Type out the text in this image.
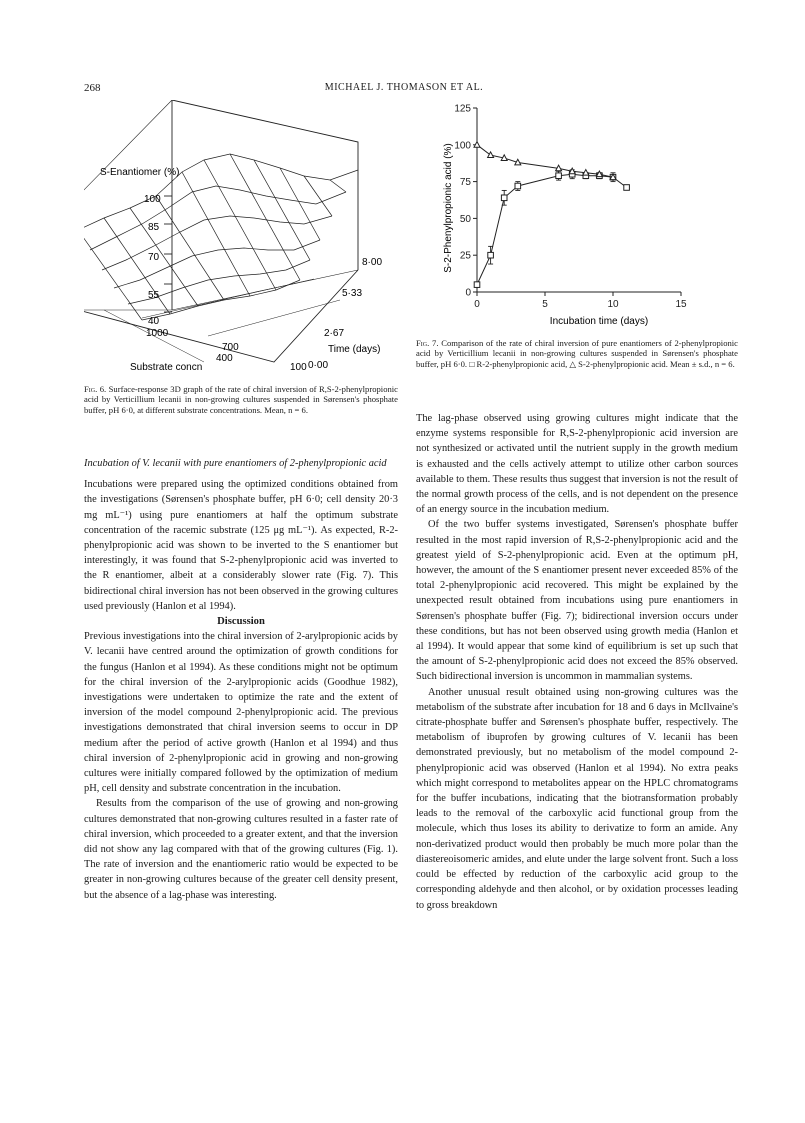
268	MICHAEL J. THOMASON ET AL.
S-Enantiomer (%)
100
85
70
55
40
1000
700
400
100
Substrate concn
8·00
5·33
2·67
0·00
Time (days)
Fig. 6. Surface-response 3D graph of the rate of chiral inversion of R,S-2-phenylpropionic acid by Verticillium lecanii in non-growing cultures suspended in Sørensen's phosphate buffer, pH 6·0, at different substrate concentrations. Mean, n = 6.
0
25
50
75
100
125
0	5	10	15
Incubation time (days)
S-2-Phenylpropionic acid (%)
Fig. 7. Comparison of the rate of chiral inversion of pure enantiomers of 2-phenylpropionic acid by Verticillium lecanii in non-growing cultures suspended in Sørensen's phosphate buffer, pH 6·0. □ R-2-phenylpropionic acid, △ S-2-phenylpropionic acid. Mean ± s.d., n = 6.

Incubation of V. lecanii with pure enantiomers of 2-phenylpropionic acid

Incubations were prepared using the optimized conditions obtained from the investigations (Sørensen's phosphate buffer, pH 6·0; cell density 20·3 mg mL⁻¹) using pure enantiomers at half the optimum substrate concentration of the racemic substrate (125 μg mL⁻¹). As expected, R-2-phenylpropionic acid was shown to be inverted to the S enantiomer but interestingly, it was found that S-2-phenylpropionic acid was inverted to the R enantiomer, albeit at a considerably slower rate (Fig. 7). This bidirectional chiral inversion has not been observed in the growing cultures used previously (Hanlon et al 1994).

Discussion

Previous investigations into the chiral inversion of 2-arylpropionic acids by V. lecanii have centred around the optimization of growth conditions for the fungus (Hanlon et al 1994). As these conditions might not be optimum for the chiral inversion of the 2-arylpropionic acids (Goodhue 1982), investigations were undertaken to optimize the rate and the extent of inversion of the model compound 2-phenylpropionic acid. The previous investigations demonstrated that chiral inversion seems to occur in DP medium after the period of active growth (Hanlon et al 1994) and thus chiral inversion of 2-phenylpropionic acid in growing and non-growing cultures were initially compared followed by the optimization of medium pH, cell density and substrate concentration in the incubation.

Results from the comparison of the use of growing and non-growing cultures demonstrated that non-growing cultures resulted in a faster rate of chiral inversion, which proceeded to a greater extent, and that the inversion did not show any lag compared with that of the growing cultures (Fig. 1). The rate of inversion and the enantiomeric ratio would be expected to be greater in non-growing cultures because of the greater cell density present, but the absence of a lag-phase was interesting.

The lag-phase observed using growing cultures might indicate that the enzyme systems responsible for R,S-2-phenylpropionic acid inversion are not synthesized or activated until the nutrient supply in the growth medium is exhausted and the cells actively attempt to utilize other carbon sources available to them. These results thus suggest that inversion is not the result of the normal growth process of the cells, and is not dependent on the presence of an energy source in the incubation medium.

Of the two buffer systems investigated, Sørensen's phosphate buffer resulted in the most rapid inversion of R,S-2-phenylpropionic acid and the greatest yield of S-2-phenylpropionic acid. Even at the optimum pH, however, the amount of the S enantiomer present never exceeded 85% of the total 2-phenylpropionic acid recovered. This might be explained by the unexpected result obtained from incubations using pure enantiomers in Sørensen's phosphate buffer (Fig. 7); bidirectional inversion occurs under these conditions, but has not been observed using growth media (Hanlon et al 1994). It would appear that some kind of equilibrium is set up such that the amount of S-2-phenylpropionic acid does not exceed the 85% observed. Such bidirectional inversion is uncommon in mammalian systems.

Another unusual result obtained using non-growing cultures was the metabolism of the substrate after incubation for 18 and 6 days in McIlvaine's citrate-phosphate buffer and Sørensen's phosphate buffer, respectively. The metabolism of ibuprofen by growing cultures of V. lecanii has been demonstrated previously, but no metabolism of the model compound 2-phenylpropionic acid was observed (Hanlon et al 1994). No extra peaks which might correspond to metabolites appear on the HPLC chromatograms for the buffer incubations, indicating that the biotransformation probably leads to the removal of the carboxylic acid functional group from the molecule, which thus loses its ability to derivatize to form an amide. Any non-derivatized product would then probably be much more polar than the diastereoisomeric amides, and elute under the large solvent front. Such a loss could be effected by reduction of the carboxylic acid group to the corresponding aldehyde and then alcohol, or by oxidation processes leading to gross breakdown
